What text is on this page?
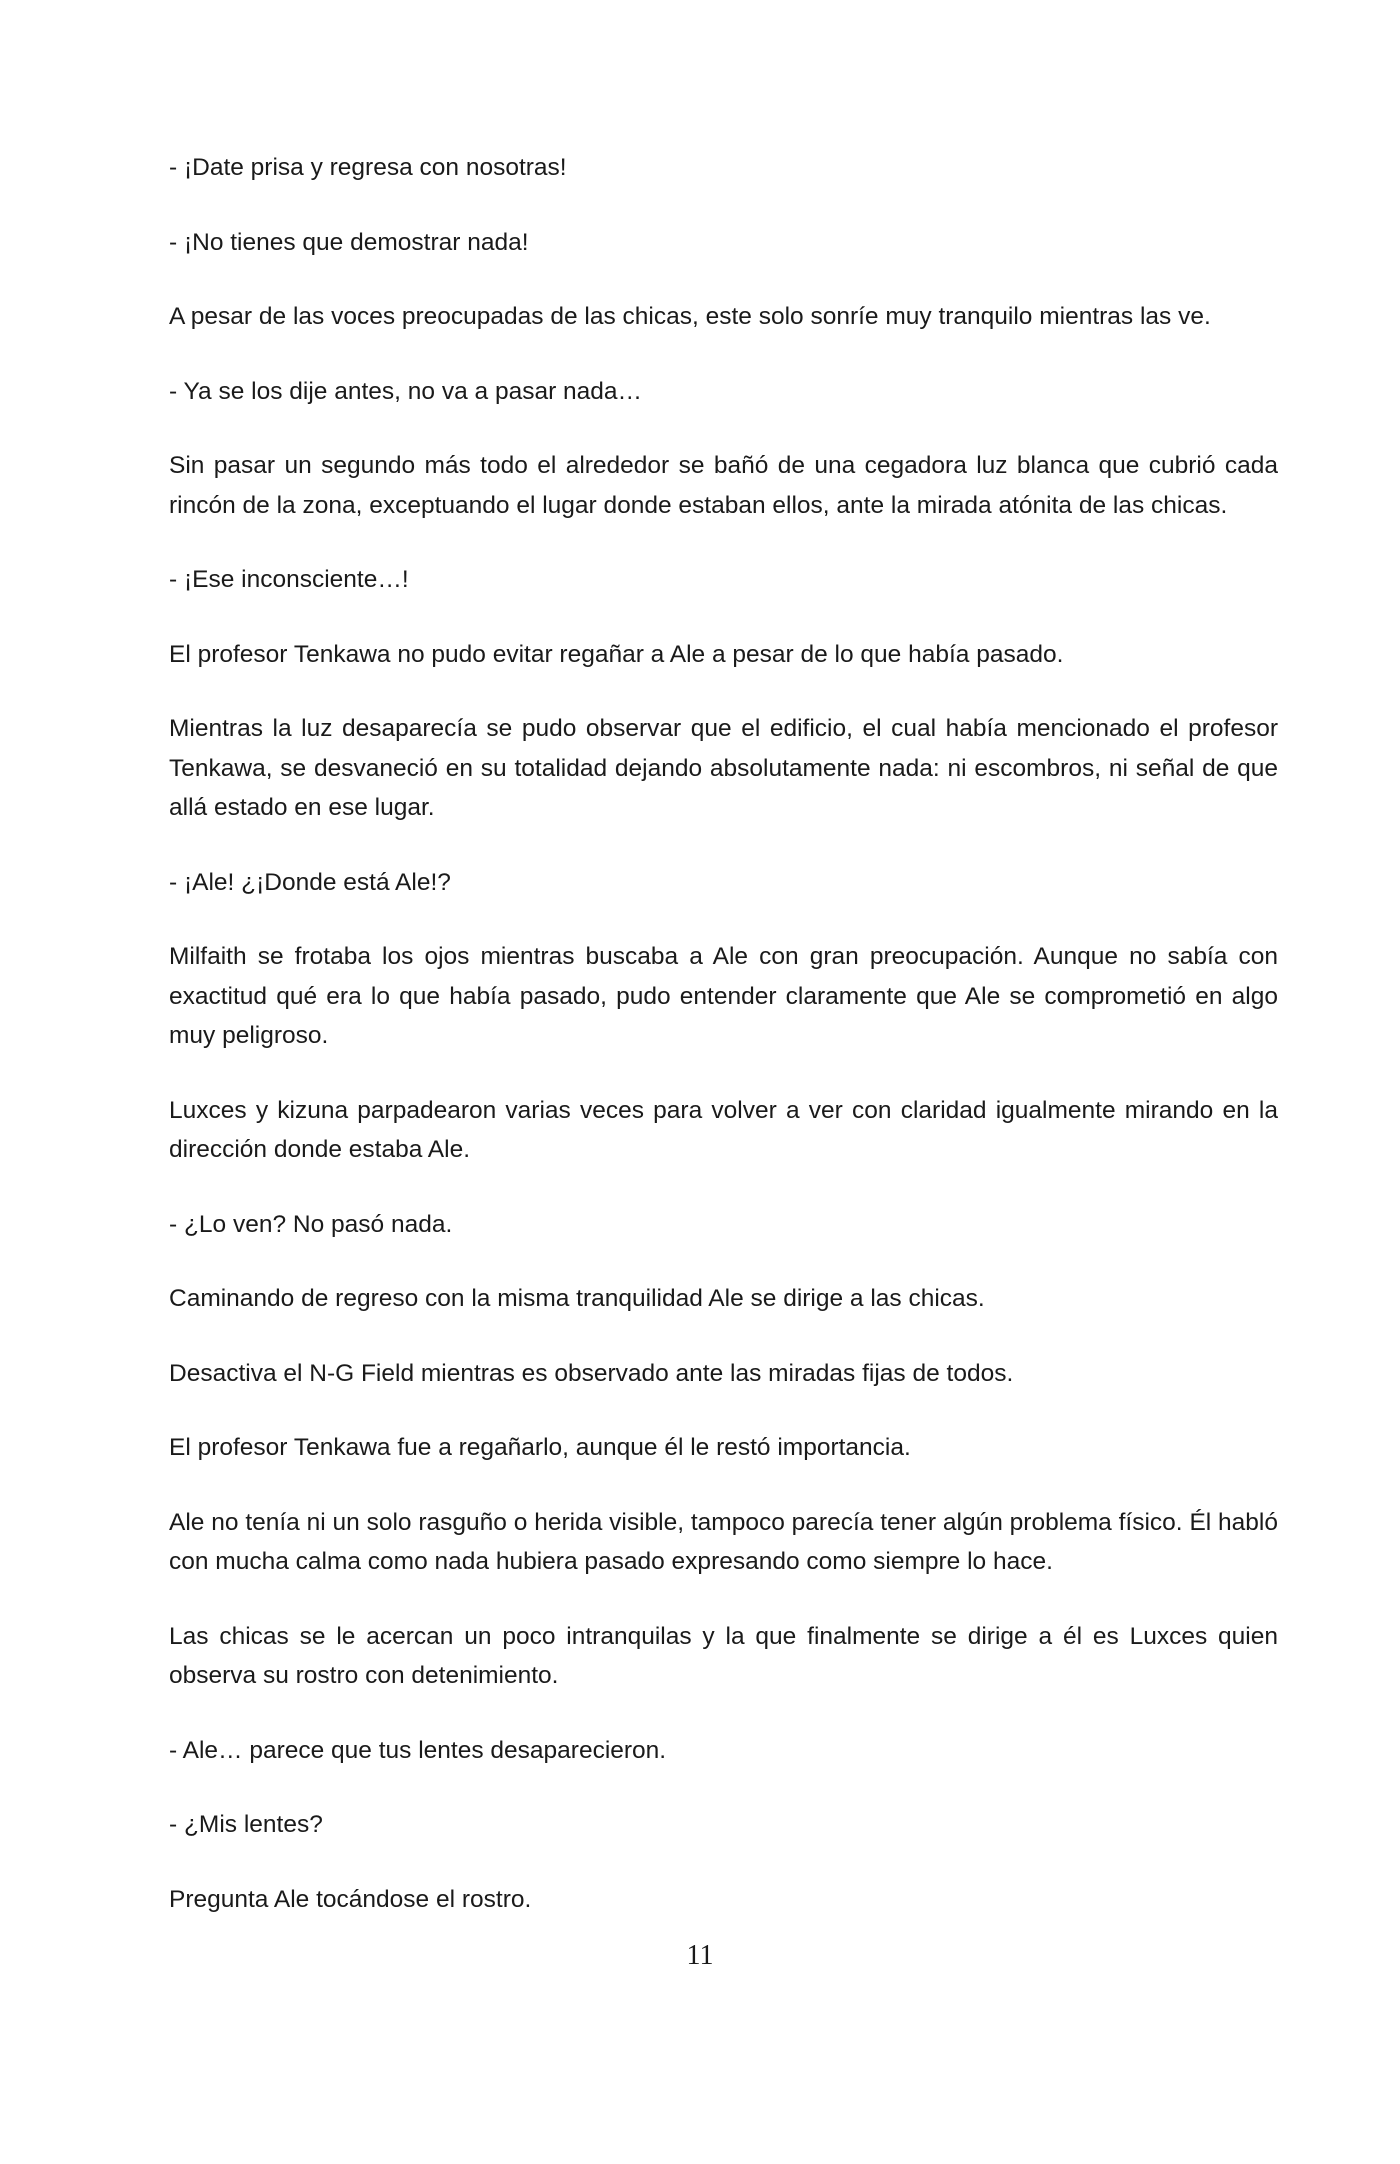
- ¡Date prisa y regresa con nosotras!

- ¡No tienes que demostrar nada!

A pesar de las voces preocupadas de las chicas, este solo sonríe muy tranquilo mientras las ve.

- Ya se los dije antes, no va a pasar nada…

Sin pasar un segundo más todo el alrededor se bañó de una cegadora luz blanca que cubrió cada rincón de la zona, exceptuando el lugar donde estaban ellos, ante la mirada atónita de las chicas.

- ¡Ese inconsciente…!

El profesor Tenkawa no pudo evitar regañar a Ale a pesar de lo que había pasado.

Mientras la luz desaparecía se pudo observar que el edificio, el cual había mencionado el profesor Tenkawa, se desvaneció en su totalidad dejando absolutamente nada: ni escombros, ni señal de que allá estado en ese lugar.

- ¡Ale! ¿¡Donde está Ale!?

Milfaith se frotaba los ojos mientras buscaba a Ale con gran preocupación. Aunque no sabía con exactitud qué era lo que había pasado, pudo entender claramente que Ale se comprometió en algo muy peligroso.

Luxces y kizuna parpadearon varias veces para volver a ver con claridad igualmente mirando en la dirección donde estaba Ale.

- ¿Lo ven? No pasó nada.

Caminando de regreso con la misma tranquilidad Ale se dirige a las chicas.

Desactiva el N-G Field mientras es observado ante las miradas fijas de todos.

El profesor Tenkawa fue a regañarlo, aunque él le restó importancia.

Ale no tenía ni un solo rasguño o herida visible, tampoco parecía tener algún problema físico. Él habló con mucha calma como nada hubiera pasado expresando como siempre lo hace.

Las chicas se le acercan un poco intranquilas y la que finalmente se dirige a él es Luxces quien observa su rostro con detenimiento.

- Ale… parece que tus lentes desaparecieron.

- ¿Mis lentes?

Pregunta Ale tocándose el rostro.

11
